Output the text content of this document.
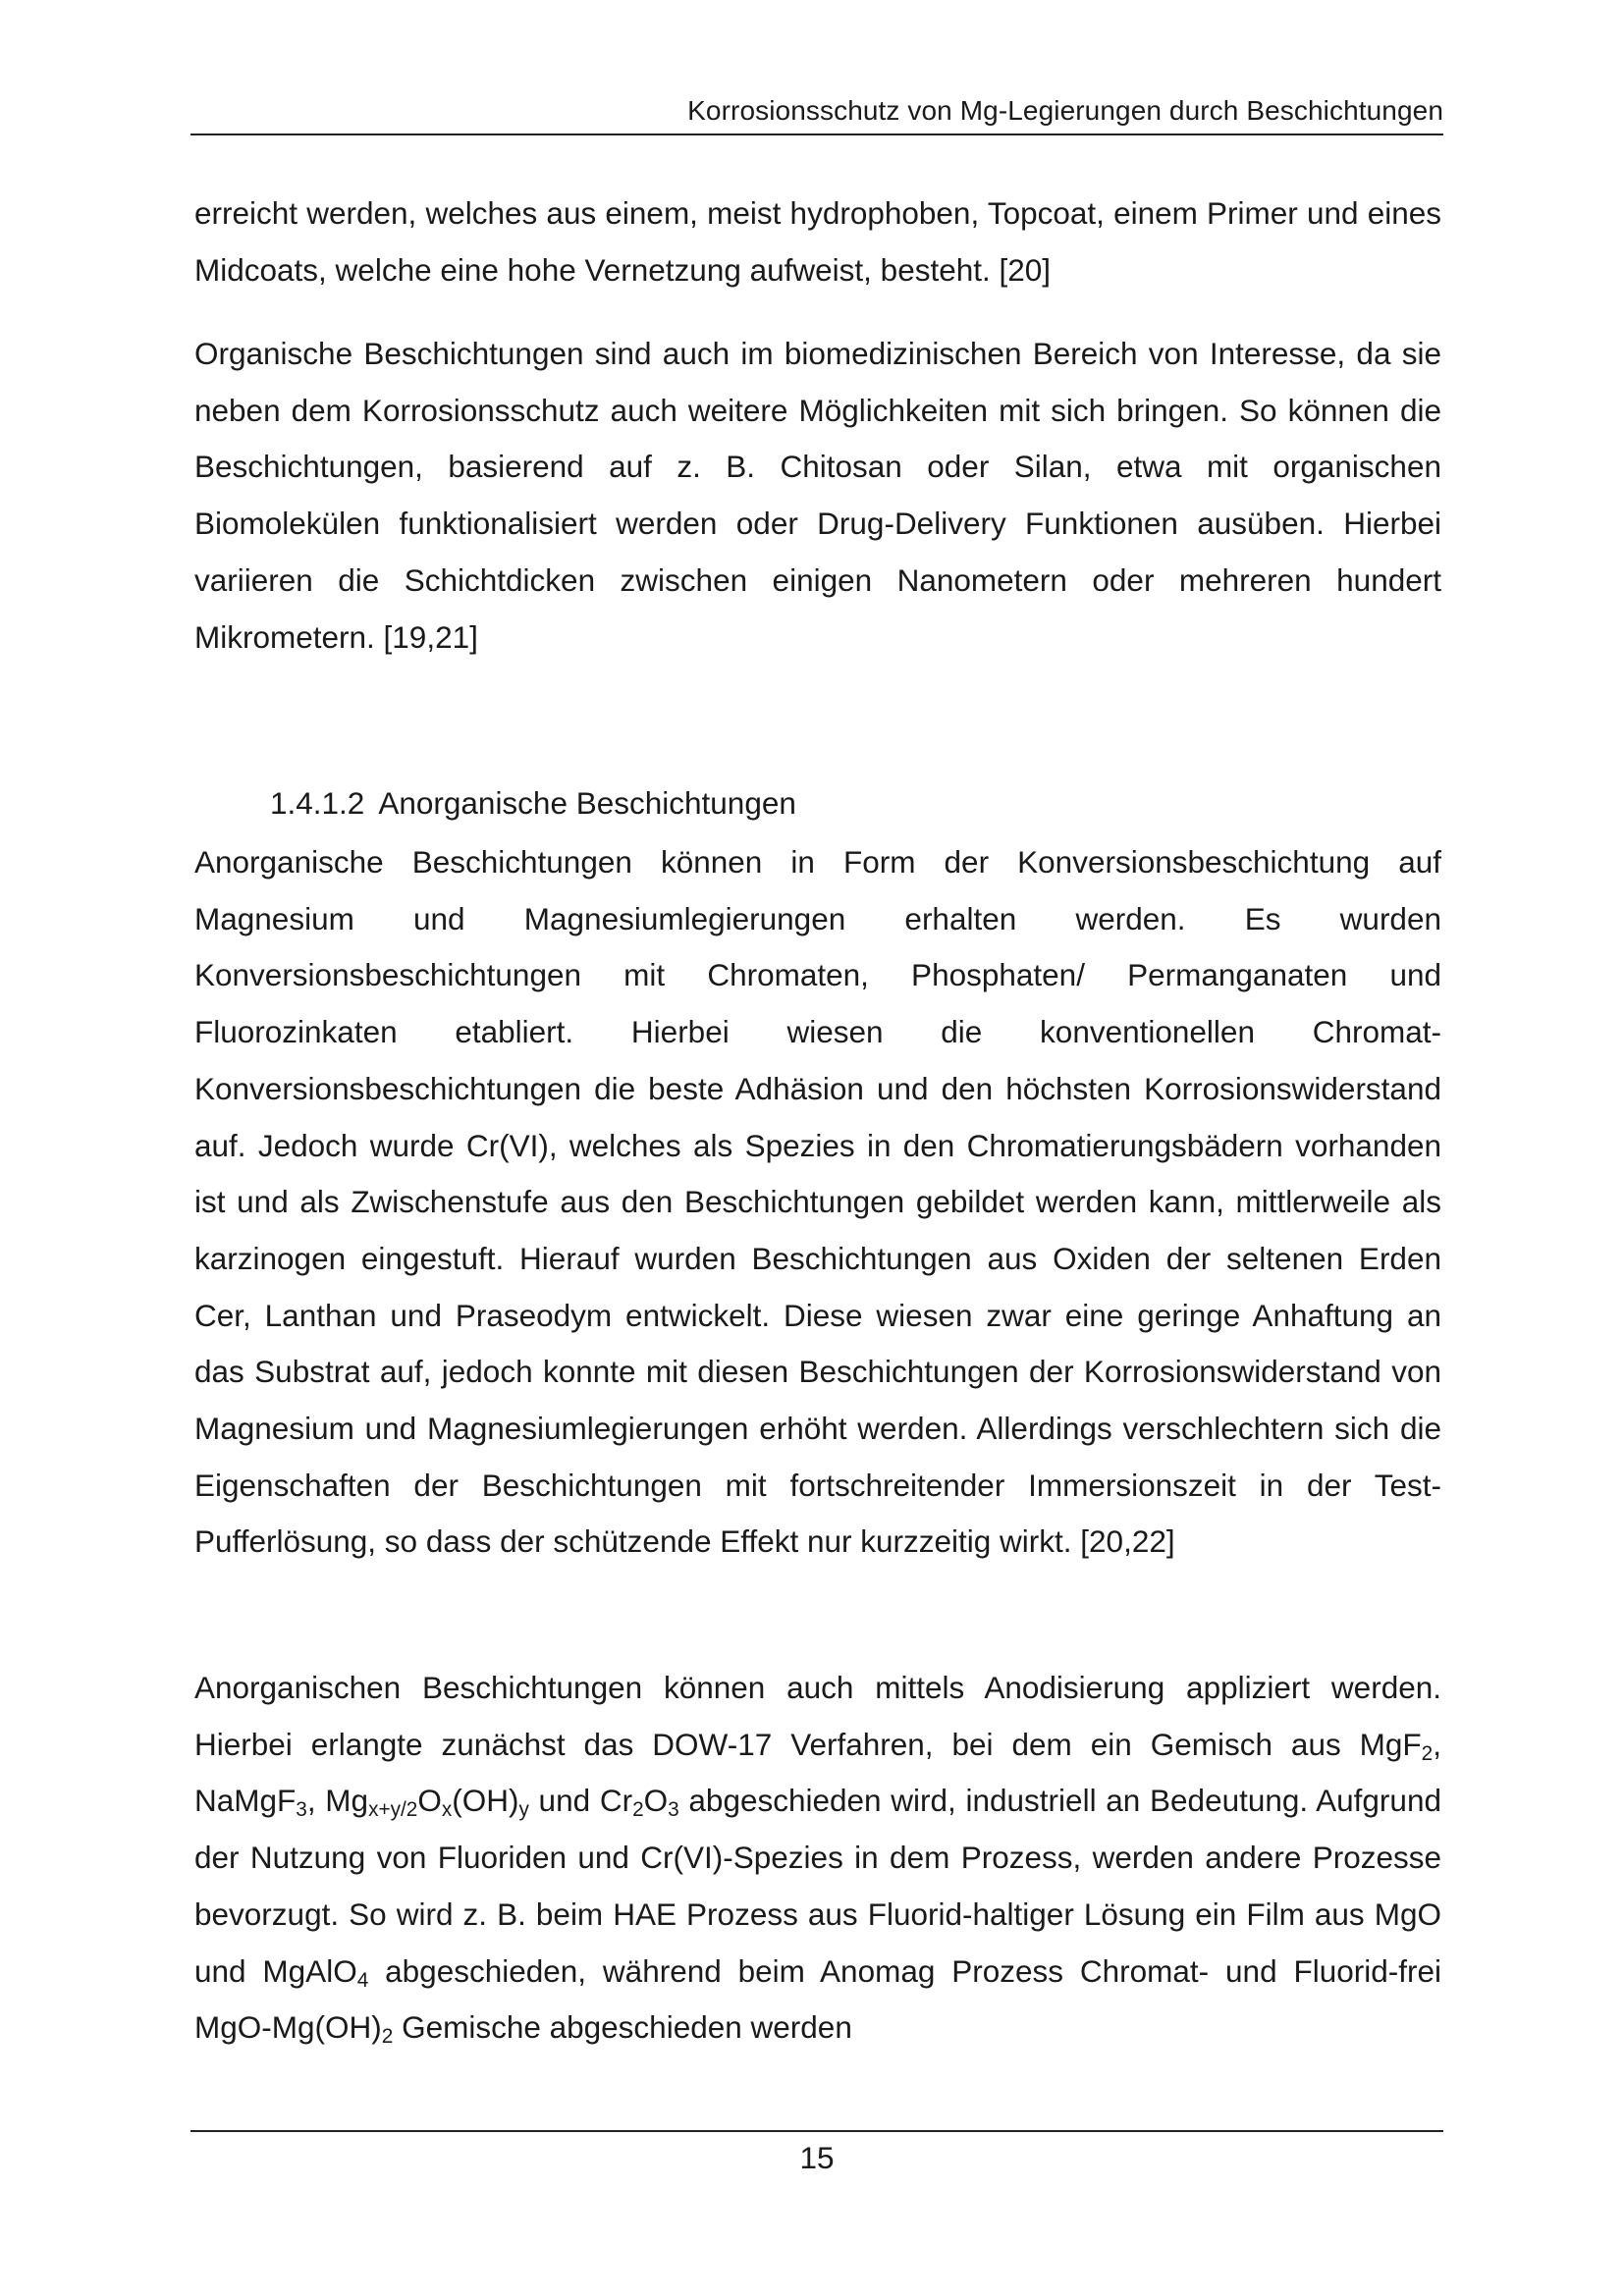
Korrosionsschutz von Mg-Legierungen durch Beschichtungen

erreicht werden, welches aus einem, meist hydrophoben, Topcoat, einem Primer und eines Midcoats, welche eine hohe Vernetzung aufweist, besteht. [20]

Organische Beschichtungen sind auch im biomedizinischen Bereich von Interesse, da sie neben dem Korrosionsschutz auch weitere Möglichkeiten mit sich bringen. So können die Beschichtungen, basierend auf z. B. Chitosan oder Silan, etwa mit organischen Biomolekülen funktionalisiert werden oder Drug-Delivery Funktionen ausüben. Hierbei variieren die Schichtdicken zwischen einigen Nanometern oder mehreren hundert Mikrometern. [19,21]

1.4.1.2 Anorganische Beschichtungen

Anorganische Beschichtungen können in Form der Konversionsbeschichtung auf Magnesium und Magnesiumlegierungen erhalten werden. Es wurden Konversionsbeschichtungen mit Chromaten, Phosphaten/ Permanganaten und Fluorozinkaten etabliert. Hierbei wiesen die konventionellen Chromat-Konversionsbeschichtungen die beste Adhäsion und den höchsten Korrosionswiderstand auf. Jedoch wurde Cr(VI), welches als Spezies in den Chromatierungsbädern vorhanden ist und als Zwischenstufe aus den Beschichtungen gebildet werden kann, mittlerweile als karzinogen eingestuft. Hierauf wurden Beschichtungen aus Oxiden der seltenen Erden Cer, Lanthan und Praseodym entwickelt. Diese wiesen zwar eine geringe Anhaftung an das Substrat auf, jedoch konnte mit diesen Beschichtungen der Korrosionswiderstand von Magnesium und Magnesiumlegierungen erhöht werden. Allerdings verschlechtern sich die Eigenschaften der Beschichtungen mit fortschreitender Immersionszeit in der Test-Pufferlösung, so dass der schützende Effekt nur kurzzeitig wirkt. [20,22]

Anorganischen Beschichtungen können auch mittels Anodisierung appliziert werden. Hierbei erlangte zunächst das DOW-17 Verfahren, bei dem ein Gemisch aus MgF$_2$, NaMgF$_3$, $Mg_{x+y/2}O_x(OH)_y$ und $Cr_2O_3$ abgeschieden wird, industriell an Bedeutung. Aufgrund der Nutzung von Fluoriden und Cr(VI)-Spezies in dem Prozess, werden andere Prozesse bevorzugt. So wird z. B. beim HAE Prozess aus Fluorid-haltiger Lösung ein Film aus MgO und MgAlO$_4$ abgeschieden, während beim Anomag Prozess Chromat- und Fluorid-frei MgO-$Mg(OH)_2$ Gemische abgeschieden werden

15
